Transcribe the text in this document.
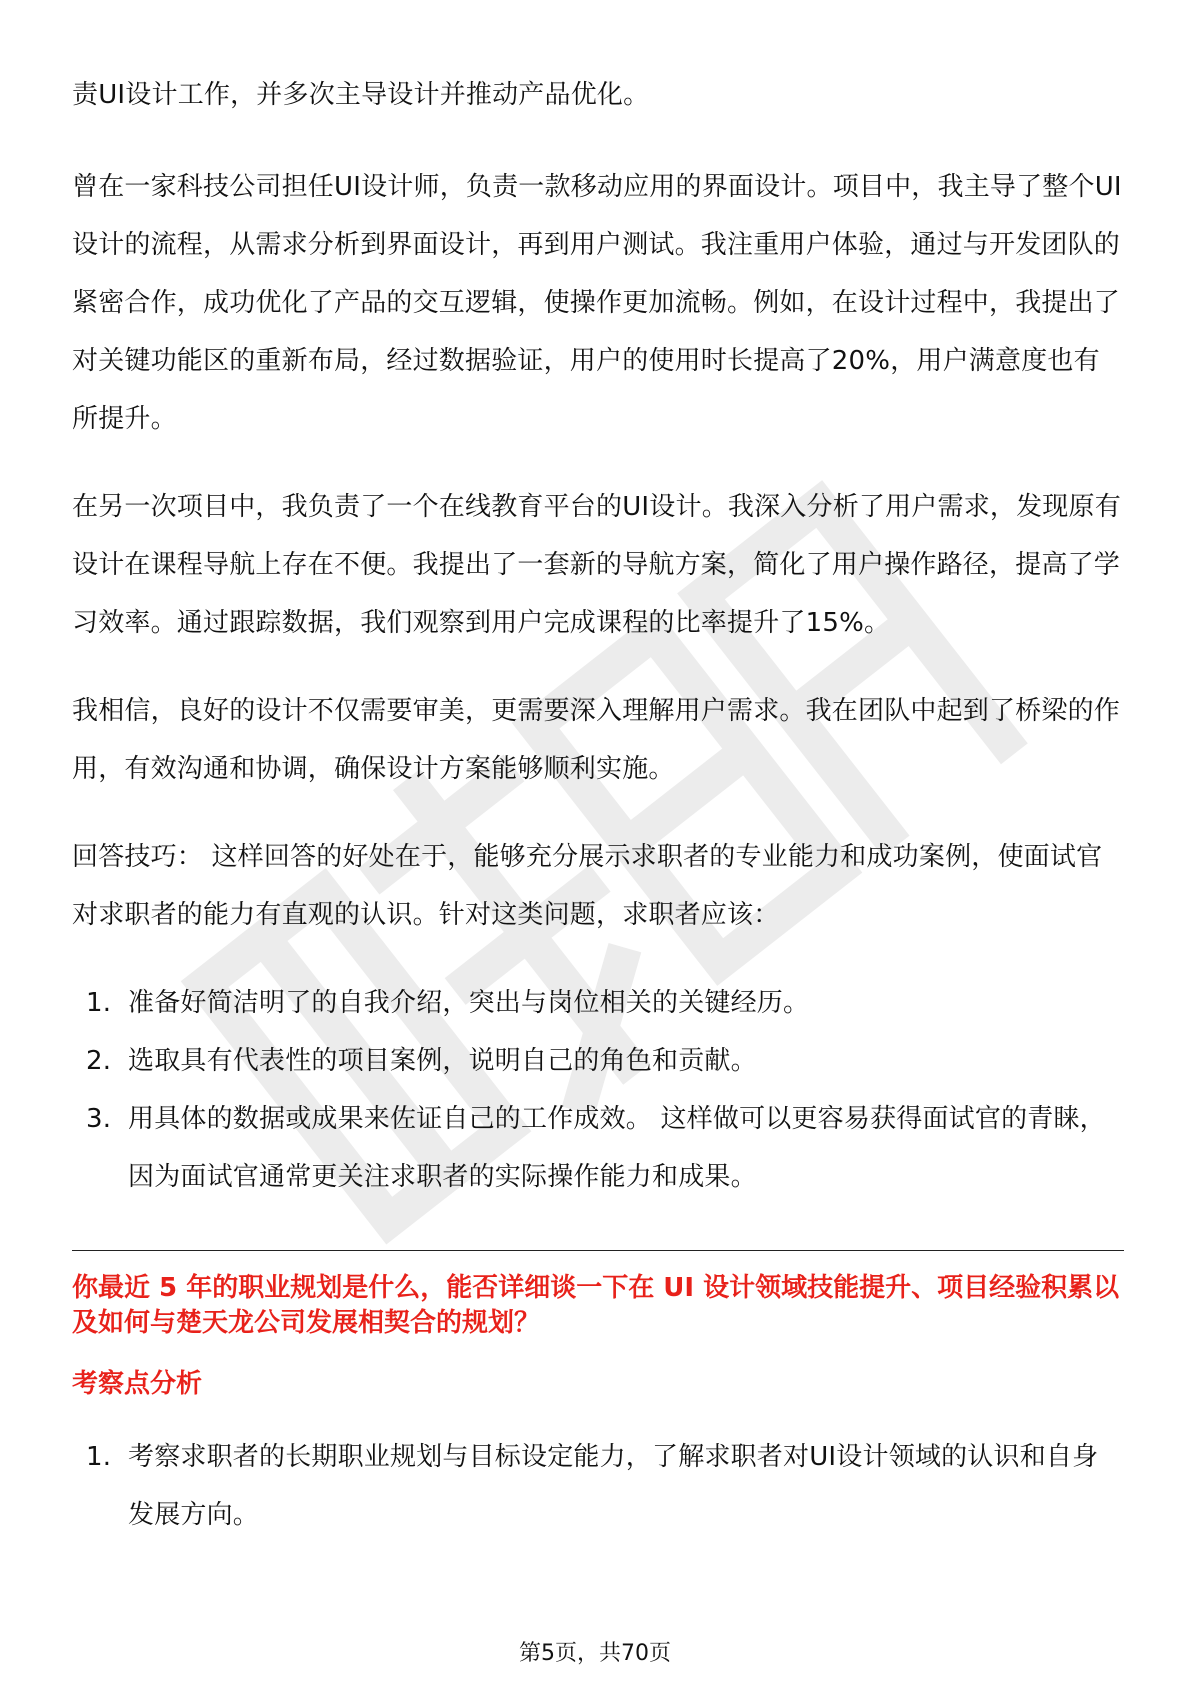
责UI设计工作，并多次主导设计并推动产品优化。

曾在一家科技公司担任UI设计师，负责一款移动应用的界面设计。项目中，我主导了整个UI设计的流程，从需求分析到界面设计，再到用户测试。我注重用户体验，通过与开发团队的紧密合作，成功优化了产品的交互逻辑，使操作更加流畅。例如，在设计过程中，我提出了对关键功能区的重新布局，经过数据验证，用户的使用时长提高了20%，用户满意度也有所提升。

在另一次项目中，我负责了一个在线教育平台的UI设计。我深入分析了用户需求，发现原有设计在课程导航上存在不便。我提出了一套新的导航方案，简化了用户操作路径，提高了学习效率。通过跟踪数据，我们观察到用户完成课程的比率提升了15%。

我相信，良好的设计不仅需要审美，更需要深入理解用户需求。我在团队中起到了桥梁的作用，有效沟通和协调，确保设计方案能够顺利实施。

回答技巧： 这样回答的好处在于，能够充分展示求职者的专业能力和成功案例，使面试官对求职者的能力有直观的认识。针对这类问题，求职者应该：

1. 准备好简洁明了的自我介绍，突出与岗位相关的关键经历。
2. 选取具有代表性的项目案例，说明自己的角色和贡献。
3. 用具体的数据或成果来佐证自己的工作成效。 这样做可以更容易获得面试官的青睐，因为面试官通常更关注求职者的实际操作能力和成果。
你最近 5 年的职业规划是什么，能否详细谈一下在 UI 设计领域技能提升、项目经验积累以及如何与楚天龙公司发展相契合的规划？
考察点分析
1. 考察求职者的长期职业规划与目标设定能力，了解求职者对UI设计领域的认识和自身发展方向。
第5页，共70页
